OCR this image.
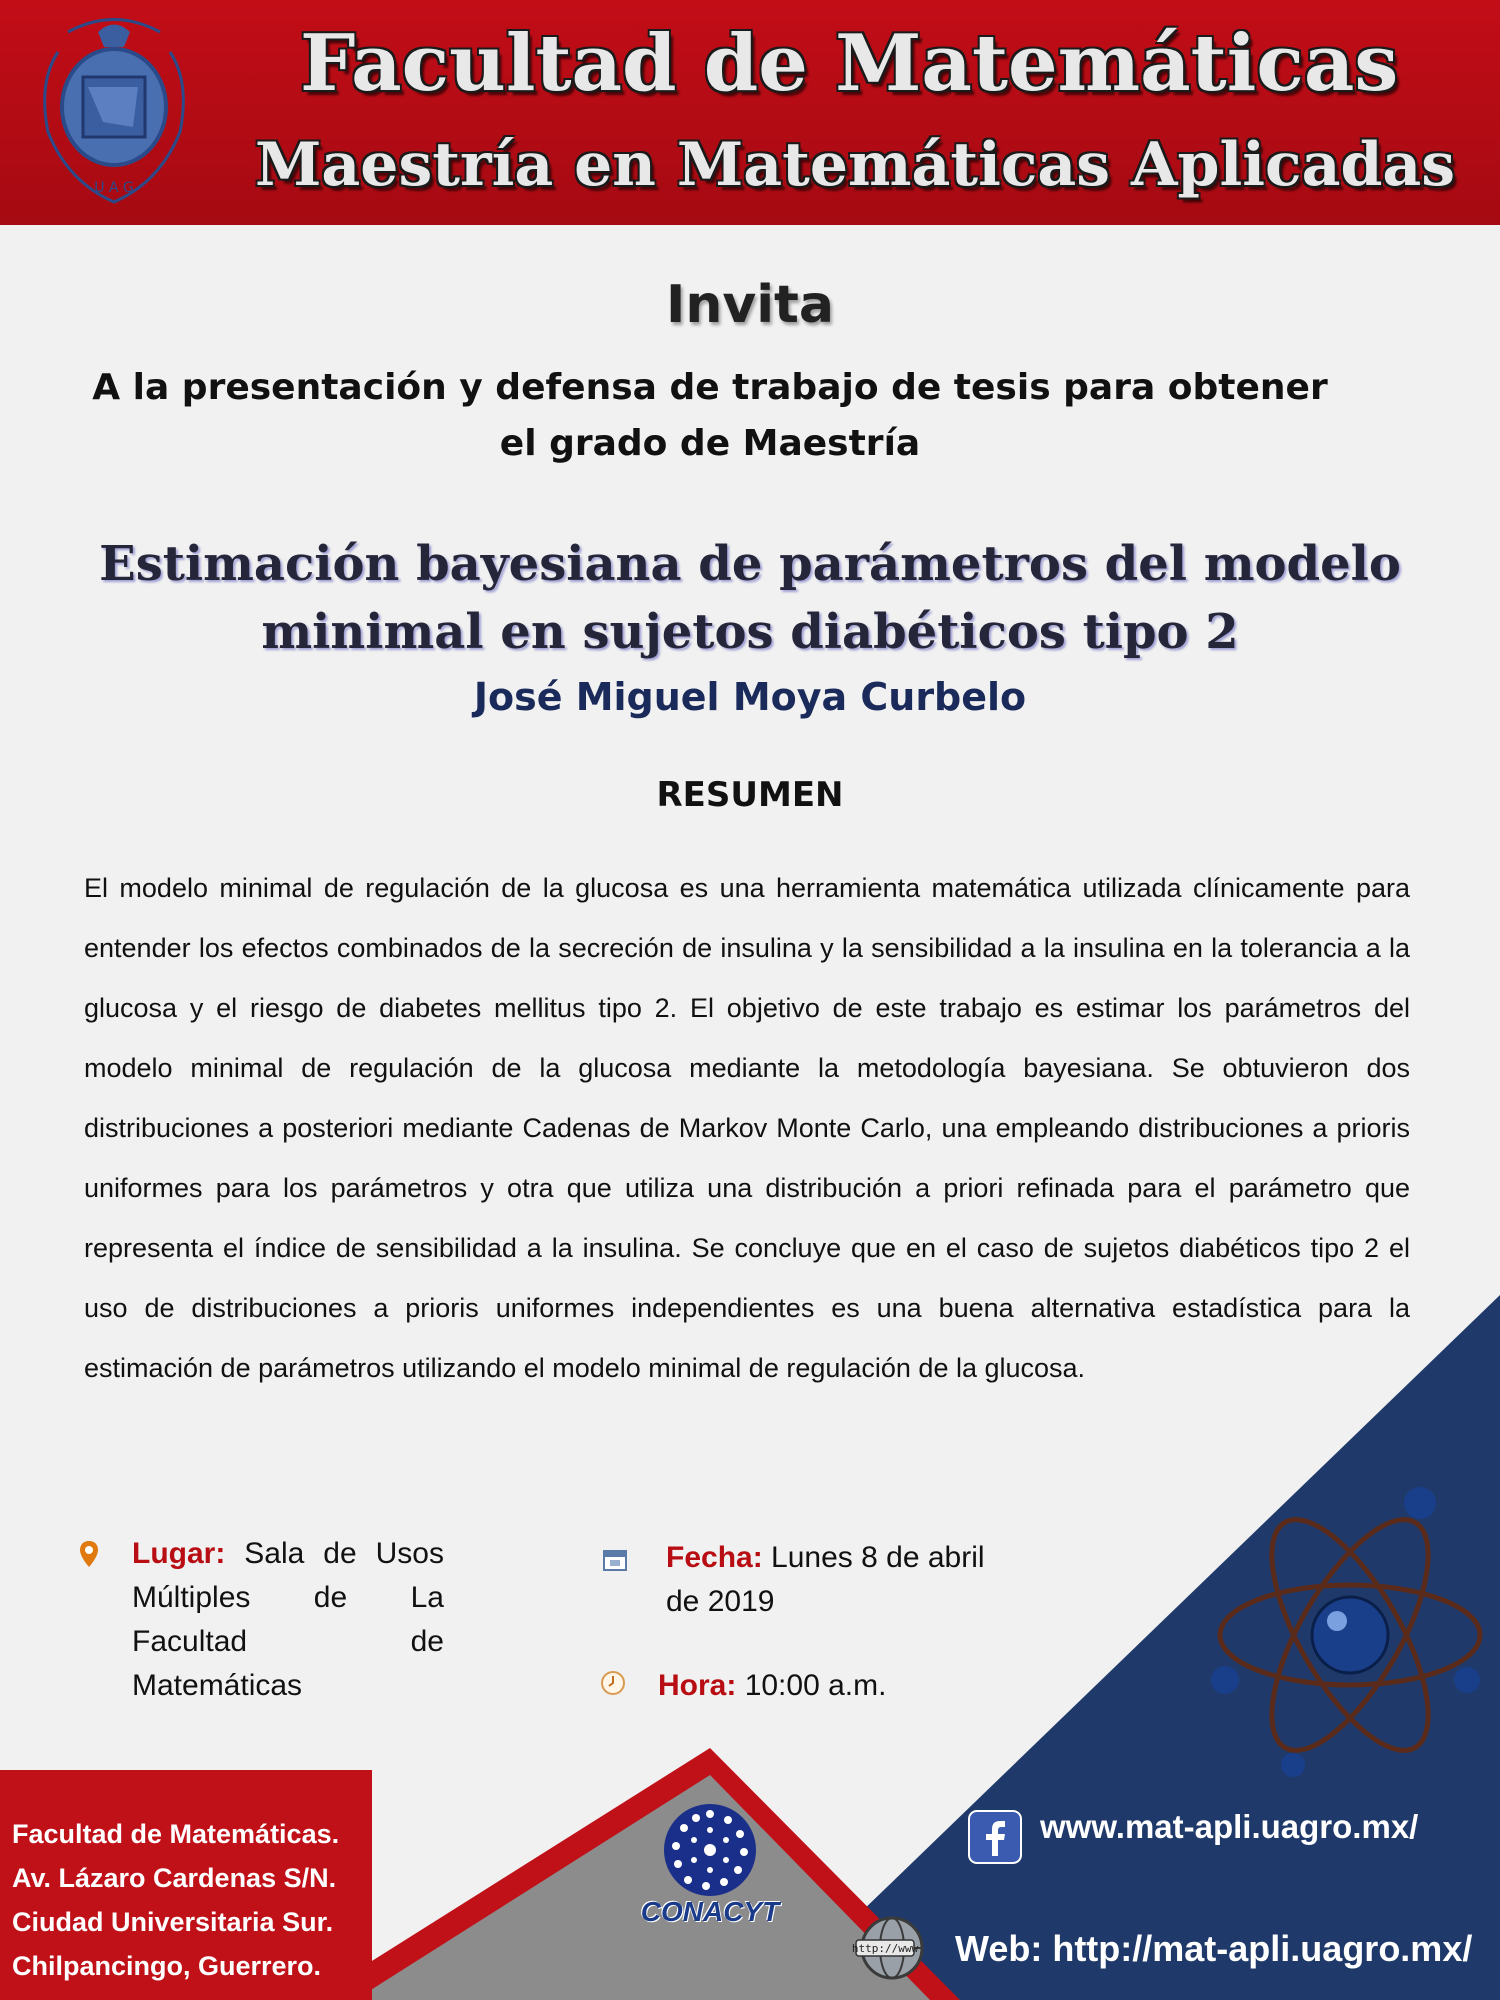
U A G
Facultad de Matemáticas
Maestría en Matemáticas Aplicadas
Invita
A la presentación y defensa de trabajo de tesis para obtener el grado de Maestría
Estimación bayesiana de parámetros del modelo minimal en sujetos diabéticos tipo 2
José Miguel Moya Curbelo
RESUMEN
El modelo minimal de regulación de la glucosa es una herramienta matemática utilizada clínicamente para entender los efectos combinados de la secreción de insulina y la sensibilidad a la insulina en la tolerancia a la glucosa y el riesgo de diabetes mellitus tipo 2. El objetivo de este trabajo es estimar los parámetros del modelo minimal de regulación de la glucosa mediante la metodología bayesiana. Se obtuvieron dos distribuciones a posteriori mediante Cadenas de Markov Monte Carlo, una empleando distribuciones a prioris uniformes para los parámetros y otra que utiliza una distribución a priori refinada para el parámetro que representa el índice de sensibilidad a la insulina. Se concluye que en el caso de sujetos diabéticos tipo 2 el uso de distribuciones a prioris uniformes independientes es una buena alternativa estadística para la estimación de parámetros utilizando el modelo minimal de regulación de la glucosa.
Lugar: Sala de Usos Múltiples de La Facultad de Matemáticas
Fecha: Lunes 8 de abril de 2019
Hora: 10:00 a.m.
Facultad de Matemáticas.
Av. Lázaro Cardenas S/N.
Ciudad Universitaria Sur.
Chilpancingo, Guerrero.
CONACYT
www.mat-apli.uagro.mx/
http://www Web: http://mat-apli.uagro.mx/
